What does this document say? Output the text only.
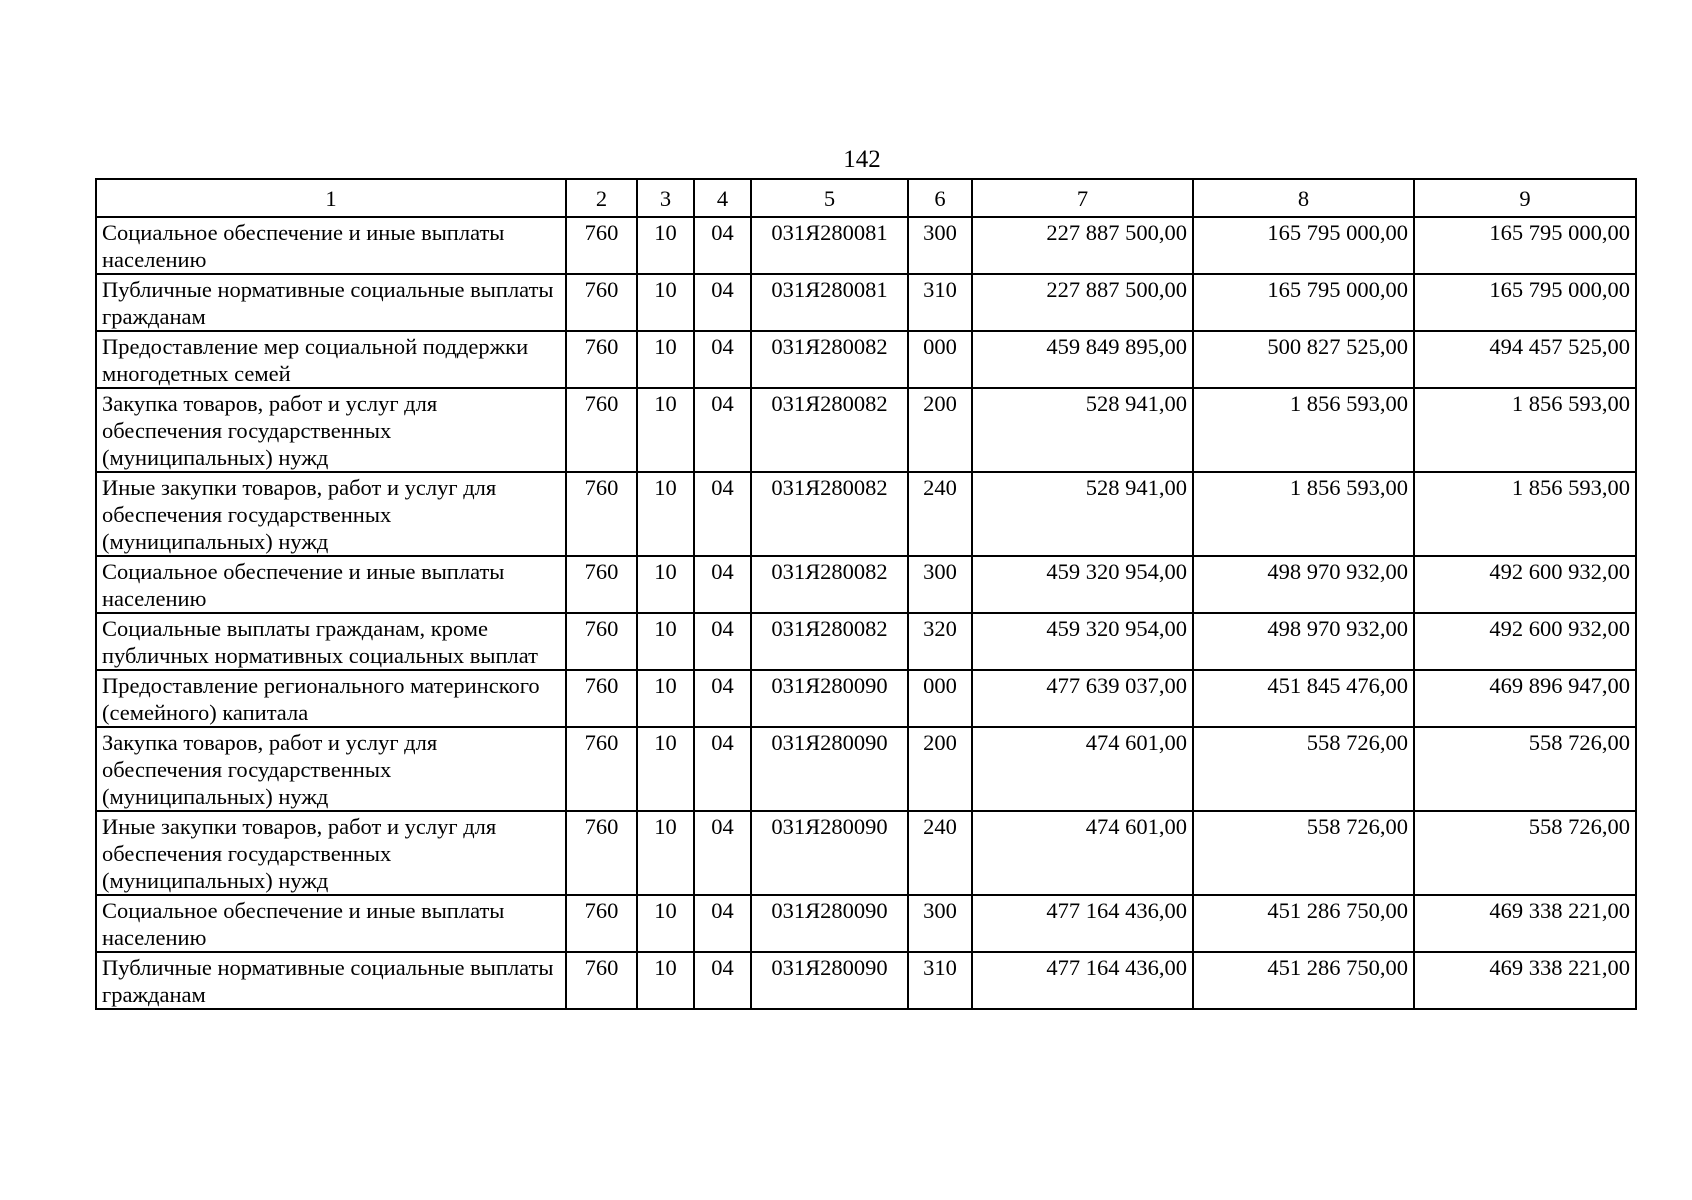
142
1	2	3	4	5	6	7	8	9
Социальное обеспечение и иные выплаты населению	760	10	04	031Я280081	300	227 887 500,00	165 795 000,00	165 795 000,00
Публичные нормативные социальные выплаты гражданам	760	10	04	031Я280081	310	227 887 500,00	165 795 000,00	165 795 000,00
Предоставление мер социальной поддержки многодетных семей	760	10	04	031Я280082	000	459 849 895,00	500 827 525,00	494 457 525,00
Закупка товаров, работ и услуг для обеспечения государственных (муниципальных) нужд	760	10	04	031Я280082	200	528 941,00	1 856 593,00	1 856 593,00
Иные закупки товаров, работ и услуг для обеспечения государственных (муниципальных) нужд	760	10	04	031Я280082	240	528 941,00	1 856 593,00	1 856 593,00
Социальное обеспечение и иные выплаты населению	760	10	04	031Я280082	300	459 320 954,00	498 970 932,00	492 600 932,00
Социальные выплаты гражданам, кроме публичных нормативных социальных выплат	760	10	04	031Я280082	320	459 320 954,00	498 970 932,00	492 600 932,00
Предоставление регионального материнского (семейного) капитала	760	10	04	031Я280090	000	477 639 037,00	451 845 476,00	469 896 947,00
Закупка товаров, работ и услуг для обеспечения государственных (муниципальных) нужд	760	10	04	031Я280090	200	474 601,00	558 726,00	558 726,00
Иные закупки товаров, работ и услуг для обеспечения государственных (муниципальных) нужд	760	10	04	031Я280090	240	474 601,00	558 726,00	558 726,00
Социальное обеспечение и иные выплаты населению	760	10	04	031Я280090	300	477 164 436,00	451 286 750,00	469 338 221,00
Публичные нормативные социальные выплаты гражданам	760	10	04	031Я280090	310	477 164 436,00	451 286 750,00	469 338 221,00
